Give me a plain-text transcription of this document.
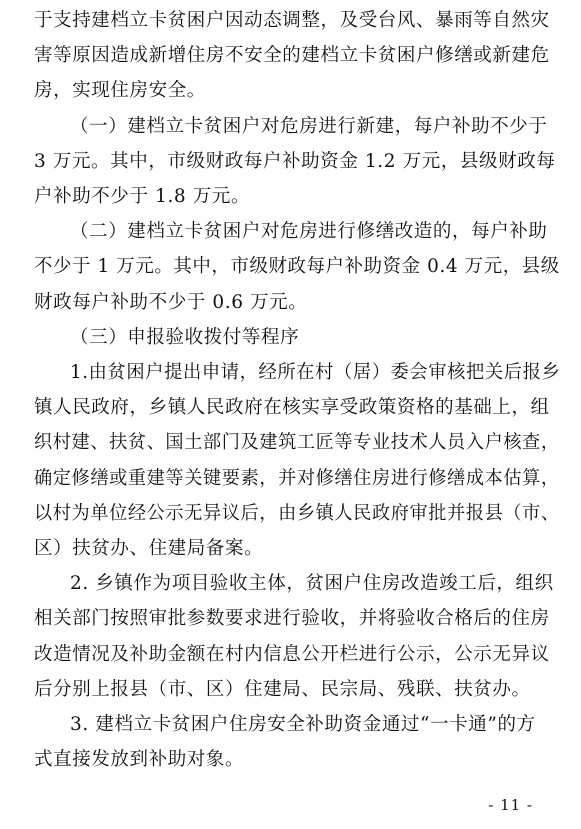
于支持建档立卡贫困户因动态调整，及受台风、暴雨等自然灾
害等原因造成新增住房不安全的建档立卡贫困户修缮或新建危
房，实现住房安全。
（一）建档立卡贫困户对危房进行新建，每户补助不少于
3 万元。其中，市级财政每户补助资金 1.2 万元，县级财政每
户补助不少于 1.8 万元。
（二）建档立卡贫困户对危房进行修缮改造的，每户补助
不少于 1 万元。其中，市级财政每户补助资金 0.4 万元，县级
财政每户补助不少于 0.6 万元。
（三）申报验收拨付等程序
1.由贫困户提出申请，经所在村（居）委会审核把关后报乡
镇人民政府，乡镇人民政府在核实享受政策资格的基础上，组
织村建、扶贫、国土部门及建筑工匠等专业技术人员入户核查，
确定修缮或重建等关键要素，并对修缮住房进行修缮成本估算，
以村为单位经公示无异议后，由乡镇人民政府审批并报县（市、
区）扶贫办、住建局备案。
2. 乡镇作为项目验收主体，贫困户住房改造竣工后，组织
相关部门按照审批参数要求进行验收，并将验收合格后的住房
改造情况及补助金额在村内信息公开栏进行公示，公示无异议
后分别上报县（市、区）住建局、民宗局、残联、扶贫办。
3. 建档立卡贫困户住房安全补助资金通过“一卡通”的方
式直接发放到补助对象。
- 11 -
